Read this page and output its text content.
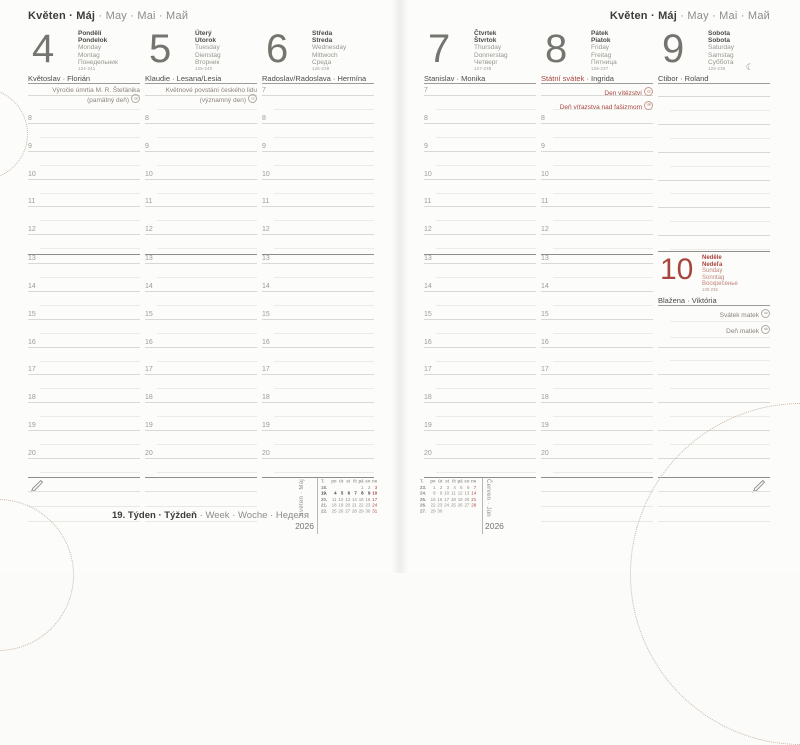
Květen · Máj · May · Mai · Май
4	Pondělí
Pondelok
Monday
Montag
Понедельник
124-241
Květoslav · Florián
Výročie úmrtia M. R. Štefánika
(pamätný deň) sk
8
9
10
11
12
13
14
15
16
17
18
19
20
5	Úterý
Utorok
Tuesday
Dienstag
Вторник
125-240
Klaudie · Lesana/Lesia
Květnové povstání českého lidu
(významný den) cz
8
9
10
11
12
13
14
15
16
17
18
19
20
6	Středa
Streda
Wednesday
Mittwoch
Среда
126-239
Radoslav/Radoslava · Hermína
7
8
9
10
11
12
13
14
15
16
17
18
19
20
19. Týden · Týždeň · Week · Woche · Неделя
Květen · Máj
2026
T.	po	út	st	čt	pá	so	ne
18.					1	2	3
19.	4	5	6	7	8	9	10
20.	11	12	13	14	15	16	17
21.	18	19	20	21	22	23	24
22.	25	26	27	28	29	30	31
Květen · Máj · May · Mai · Май
7	Čtvrtek
Štvrtok
Thursday
Donnerstag
Четверг
127-238
Stanislav · Monika
7
8
9
10
11
12
13
14
15
16
17
18
19
20
8	Pátek
Piatok
Friday
Freitag
Пятница
128-237
Státní svátek · Ingrida
Den vítězství cz
Deň víťazstva nad fašizmom sk
8
9
10
11
12
13
14
15
16
17
18
19
20
9	Sobota
Sobota
Saturday
Samstag
Суббота
129-236	☾
Ctibor · Roland
10	Neděle
Nedeľa
Sunday
Sonntag
Воскресенье
130-235
Blažena · Viktória
Svátek matek cz
Deň matiek sk
T.	po	út	st	čt	pá	so	ne
23.	1	2	3	4	5	6	7
24.	8	9	10	11	12	13	14
25.	15	16	17	18	19	20	21
26.	22	23	24	25	26	27	28
27.	29	30						Červen · Jún
2026
